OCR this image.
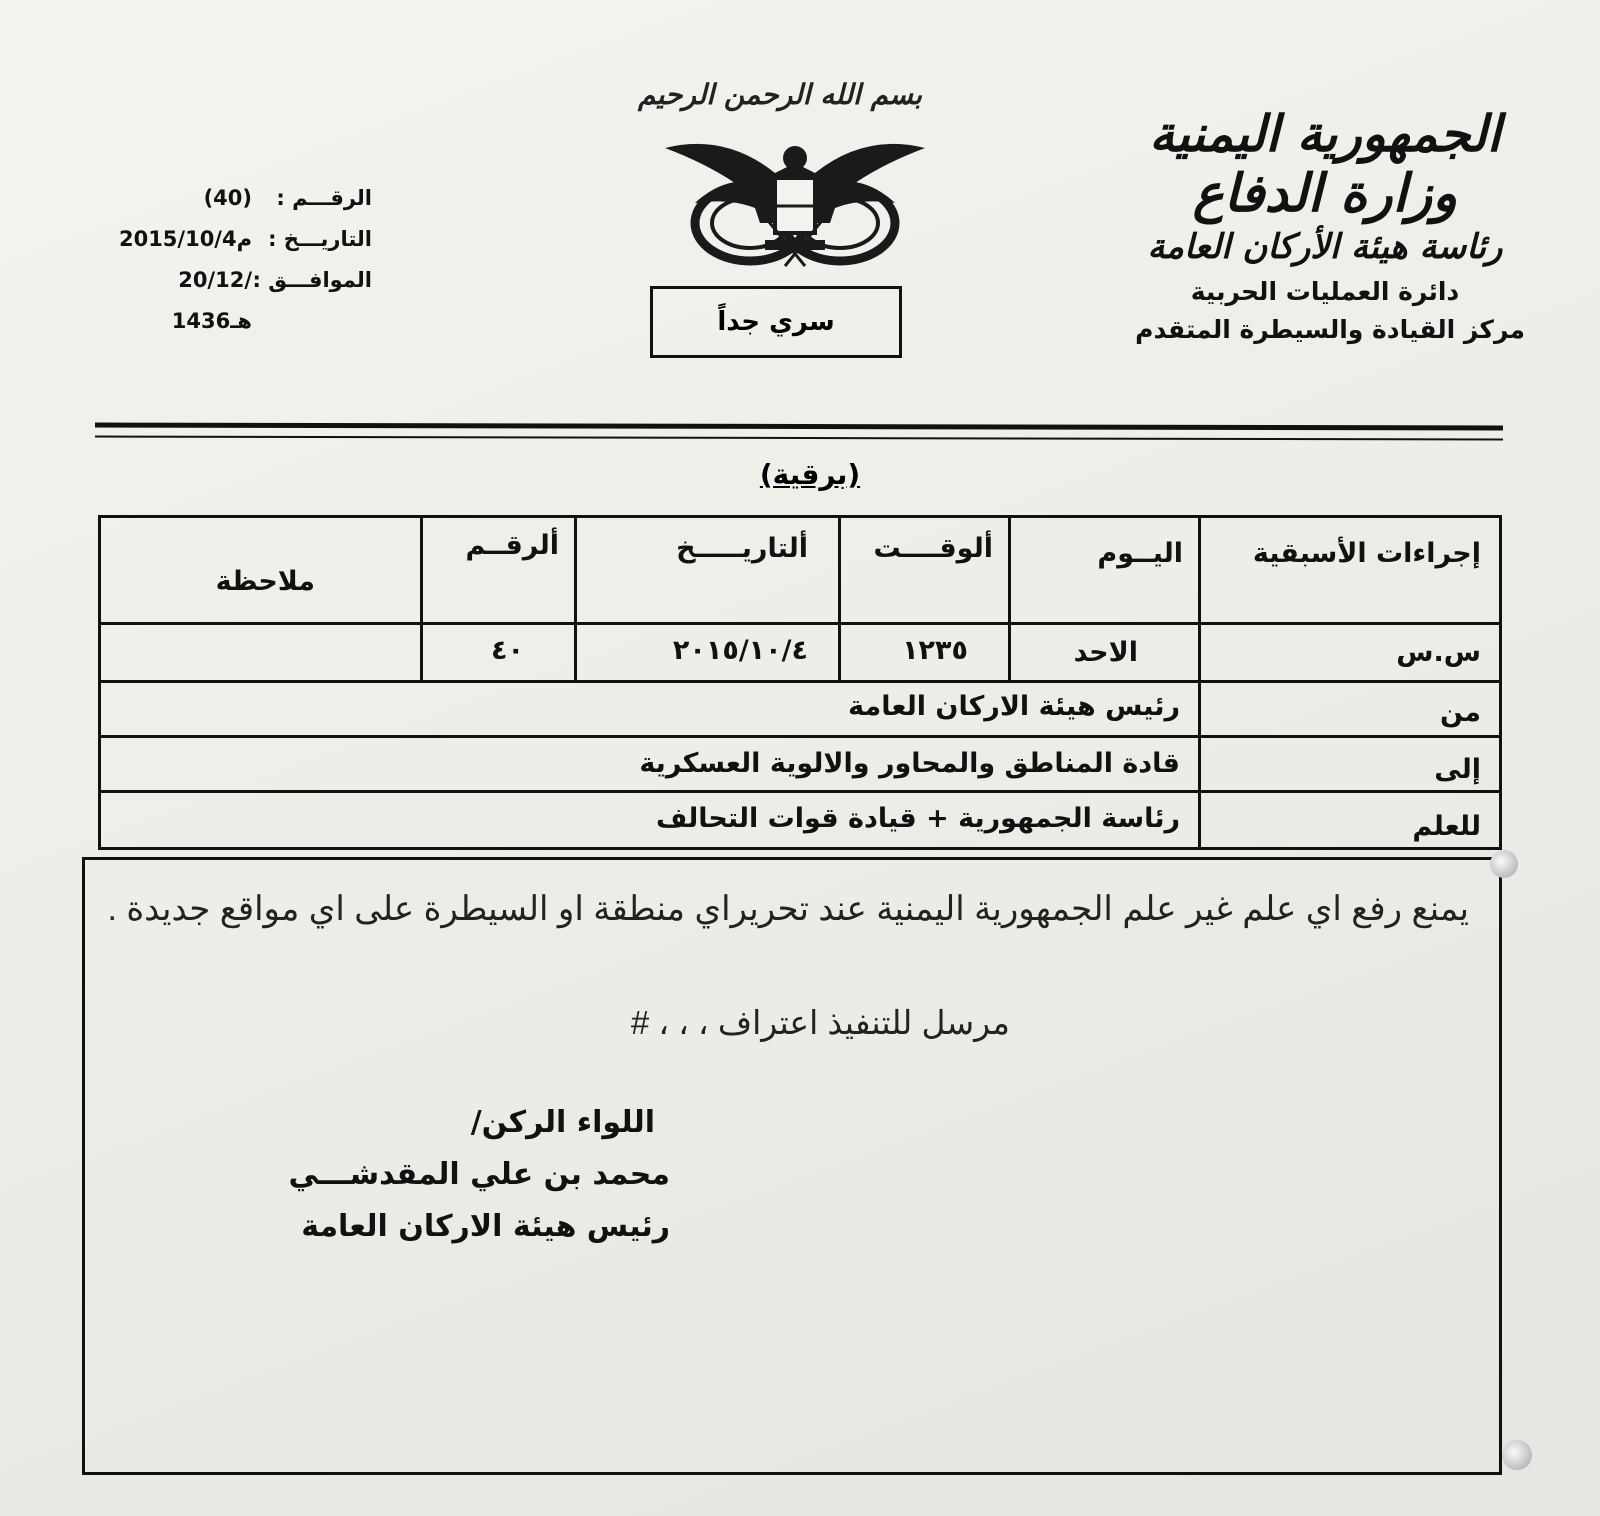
الجمهورية اليمنية
وزارة الدفاع
رئاسة هيئة الأركان العامة
دائرة العمليات الحربية
مركز القيادة والسيطرة المتقدم
بسم الله الرحمن الرحيم
الرقـــم :
(40)
التاريـــخ :
2015/10/4م
الموافـــق :
20/12/ 1436هـ	سري جداً
(برقية)
إجراءات الأسبقية
اليــوم
ألوقــــت
ألتاريـــــخ
ألرقــم
ملاحظة
س.س
الاحد
١٢٣٥
٢٠١٥/١٠/٤
٤٠
من
رئيس هيئة الاركان العامة
إلى
قادة المناطق والمحاور والالوية العسكرية
للعلم
رئاسة الجمهورية + قيادة قوات التحالف
يمنع رفع اي علم غير علم الجمهورية اليمنية عند تحريراي منطقة او السيطرة على اي مواقع جديدة .
مرسل للتنفيذ اعتراف ، ، ، #
اللواء الركن/
محمد بن علي المقدشـــي
رئيس هيئة الاركان العامة
